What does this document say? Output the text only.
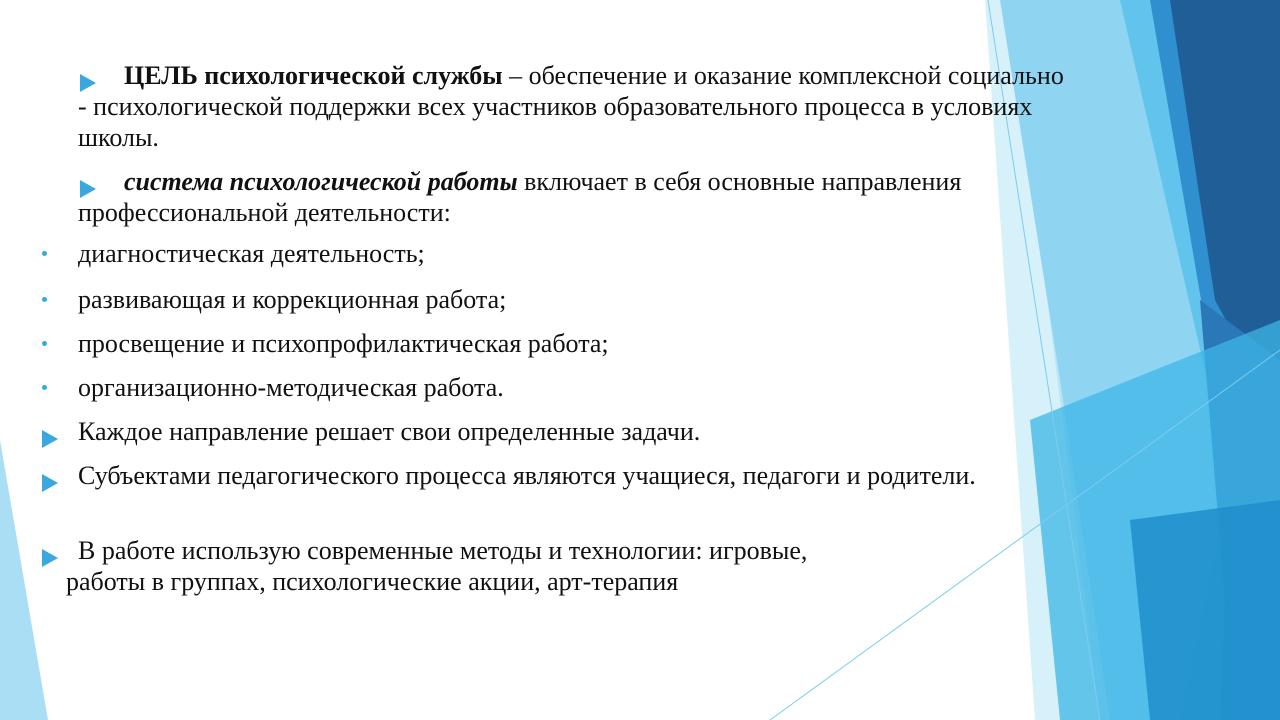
ЦЕЛЬ психологической службы – обеспечение и оказание комплексной социально - психологической поддержки всех участников образовательного процесса в условиях школы.
система психологической работы включает в себя основные направления профессиональной деятельности:
диагностическая деятельность;
развивающая и коррекционная работа;
просвещение и психопрофилактическая работа;
организационно-методическая работа.
Каждое направление решает свои определенные задачи.
Субъектами педагогического процесса являются учащиеся, педагоги и родители.
В работе использую современные методы и технологии: игровые,
работы в группах, психологические акции, арт-терапия
